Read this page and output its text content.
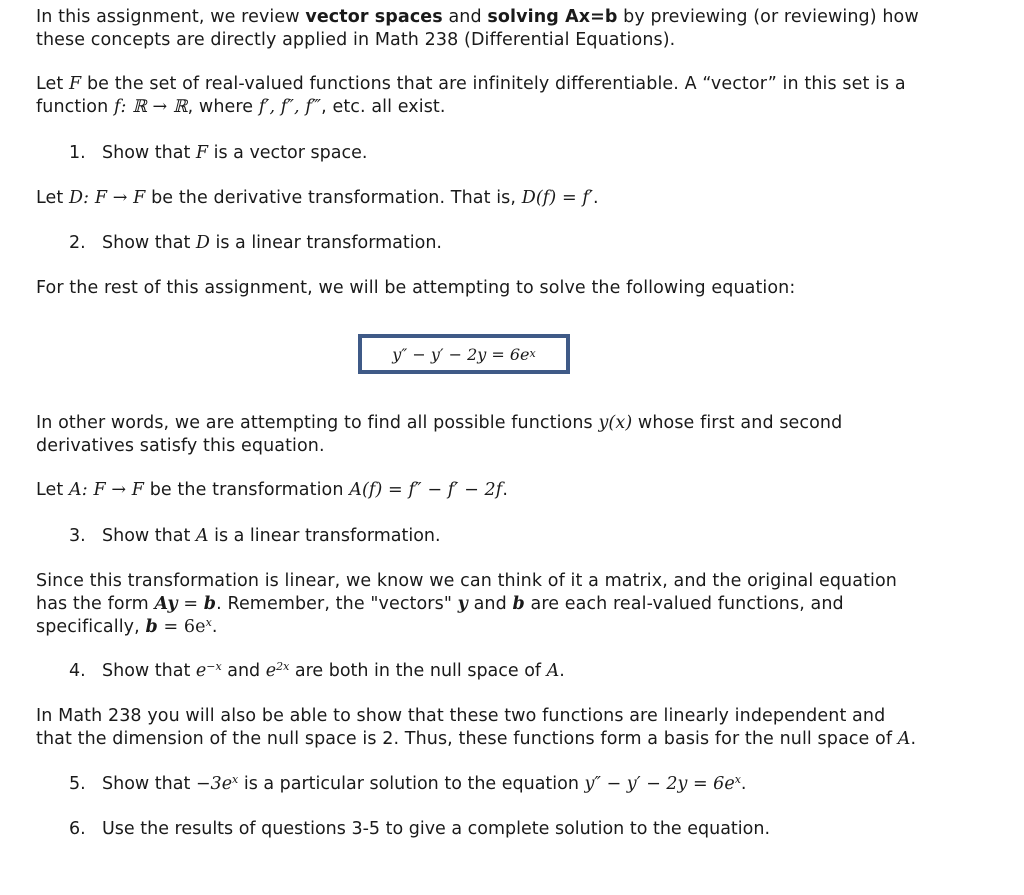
In this assignment, we review vector spaces and solving Ax=b by previewing (or reviewing) how
these concepts are directly applied in Math 238 (Differential Equations).

Let F be the set of real-valued functions that are infinitely differentiable. A “vector” in this set is a
function f: ℝ → ℝ, where f′, f″, f‴, etc. all exist.

1. Show that F is a vector space.

Let D: F → F be the derivative transformation. That is, D(f) = f′.

2. Show that D is a linear transformation.

For the rest of this assignment, we will be attempting to solve the following equation:

y″ − y′ − 2y = 6e x

In other words, we are attempting to find all possible functions y(x) whose first and second
derivatives satisfy this equation.

Let A: F → F be the transformation A(f) = f″ − f′ − 2f.

3. Show that A is a linear transformation.

Since this transformation is linear, we know we can think of it a matrix, and the original equation
has the form Ay = b. Remember, the "vectors" y and b are each real-valued functions, and
specifically, $b = 6e^x$.

4. Show that $e^{-x}$ and $e^{2x}$ are both in the null space of A.

In Math 238 you will also be able to show that these two functions are linearly independent and
that the dimension of the null space is 2. Thus, these functions form a basis for the null space of A.

5. Show that $-3e^x$ is a particular solution to the equation $y'' - y' - 2y = 6e^x$.
6. Use the results of questions 3-5 to give a complete solution to the equation.
